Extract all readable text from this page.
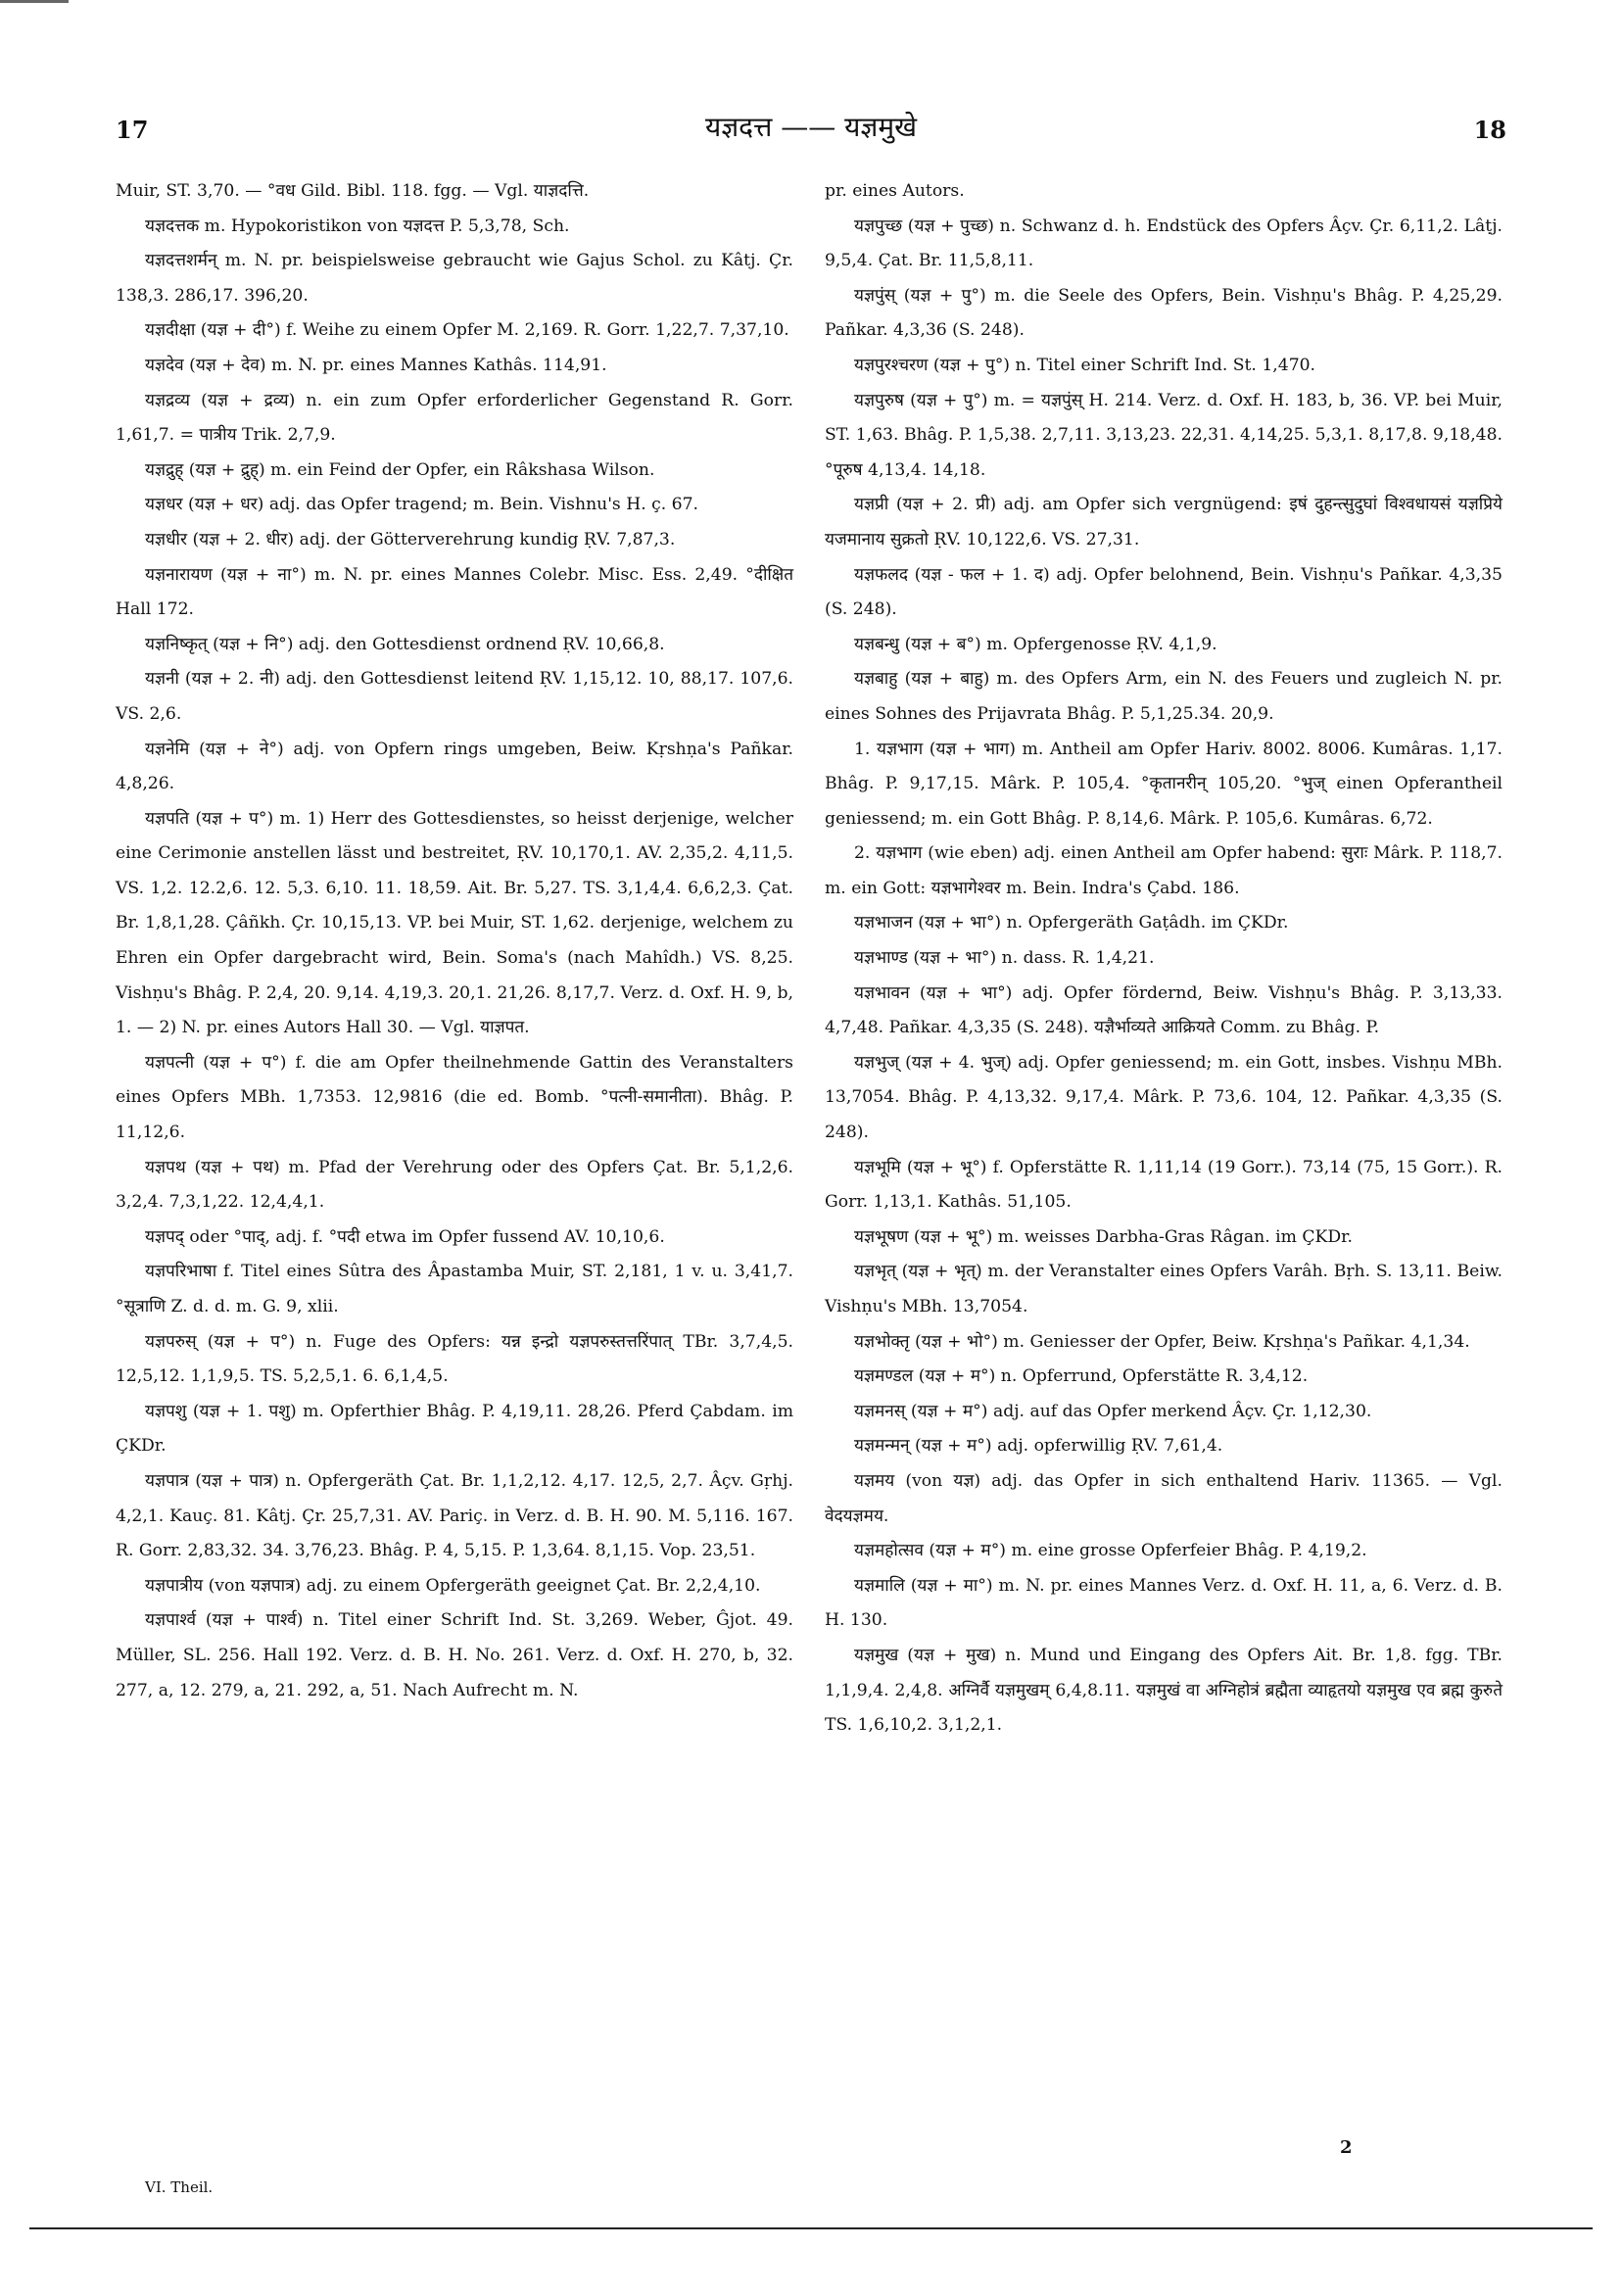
17	यज्ञदत्त —— यज्ञमुखे	18

Muir, ST. 3,70. — °वध Gild. Bibl. 118. fgg. — Vgl. याज्ञदत्ति.

यज्ञदत्तक m. Hypokoristikon von यज्ञदत्त P. 5,3,78, Sch.

यज्ञदत्तशर्मन् m. N. pr. beispielsweise gebraucht wie Gajus Schol. zu Kâtj. Çr. 138,3. 286,17. 396,20.

यज्ञदीक्षा (यज्ञ + दी°) f. Weihe zu einem Opfer M. 2,169. R. Gorr. 1,22,7. 7,37,10.

यज्ञदेव (यज्ञ + देव) m. N. pr. eines Mannes Kathâs. 114,91.

यज्ञद्रव्य (यज्ञ + द्रव्य) n. ein zum Opfer erforderlicher Gegenstand R. Gorr. 1,61,7. = पात्रीय Trik. 2,7,9.

यज्ञद्रुह् (यज्ञ + द्रुह्) m. ein Feind der Opfer, ein Râkshasa Wilson.

यज्ञधर (यज्ञ + धर) adj. das Opfer tragend; m. Bein. Vishnu's H. ç. 67.

यज्ञधीर (यज्ञ + 2. धीर) adj. der Götterverehrung kundig ṚV. 7,87,3.

यज्ञनारायण (यज्ञ + ना°) m. N. pr. eines Mannes Colebr. Misc. Ess. 2,49. °दीक्षित Hall 172.

यज्ञनिष्कृत् (यज्ञ + नि°) adj. den Gottesdienst ordnend ṚV. 10,66,8.

यज्ञनी (यज्ञ + 2. नी) adj. den Gottesdienst leitend ṚV. 1,15,12. 10, 88,17. 107,6. VS. 2,6.

यज्ञनेमि (यज्ञ + ने°) adj. von Opfern rings umgeben, Beiw. Kṛshṇa's Pañkar. 4,8,26.

यज्ञपति (यज्ञ + प°) m. 1) Herr des Gottesdienstes, so heisst derjenige, welcher eine Cerimonie anstellen lässt und bestreitet, ṚV. 10,170,1. AV. 2,35,2. 4,11,5. VS. 1,2. 12.2,6. 12. 5,3. 6,10. 11. 18,59. Ait. Br. 5,27. TS. 3,1,4,4. 6,6,2,3. Çat. Br. 1,8,1,28. Çâñkh. Çr. 10,15,13. VP. bei Muir, ST. 1,62. derjenige, welchem zu Ehren ein Opfer dargebracht wird, Bein. Soma's (nach Mahîdh.) VS. 8,25. Vishṇu's Bhâg. P. 2,4, 20. 9,14. 4,19,3. 20,1. 21,26. 8,17,7. Verz. d. Oxf. H. 9, b, 1. — 2) N. pr. eines Autors Hall 30. — Vgl. याज्ञपत.

यज्ञपत्नी (यज्ञ + प°) f. die am Opfer theilnehmende Gattin des Veranstalters eines Opfers MBh. 1,7353. 12,9816 (die ed. Bomb. °पत्नी-समानीता). Bhâg. P. 11,12,6.

यज्ञपथ (यज्ञ + पथ) m. Pfad der Verehrung oder des Opfers Çat. Br. 5,1,2,6. 3,2,4. 7,3,1,22. 12,4,4,1.

यज्ञपद् oder °पाद्, adj. f. °पदी etwa im Opfer fussend AV. 10,10,6.

यज्ञपरिभाषा f. Titel eines Sûtra des Âpastamba Muir, ST. 2,181, 1 v. u. 3,41,7. °सूत्राणि Z. d. d. m. G. 9, xlii.

यज्ञपरुस् (यज्ञ + प°) n. Fuge des Opfers: यन्न इन्द्रो यज्ञपरुस्तत्तरिंपात् TBr. 3,7,4,5. 12,5,12. 1,1,9,5. TS. 5,2,5,1. 6. 6,1,4,5.

यज्ञपशु (यज्ञ + 1. पशु) m. Opferthier Bhâg. P. 4,19,11. 28,26. Pferd Çabdam. im ÇKDr.

यज्ञपात्र (यज्ञ + पात्र) n. Opfergeräth Çat. Br. 1,1,2,12. 4,17. 12,5, 2,7. Âçv. Gṛhj. 4,2,1. Kauç. 81. Kâtj. Çr. 25,7,31. AV. Pariç. in Verz. d. B. H. 90. M. 5,116. 167. R. Gorr. 2,83,32. 34. 3,76,23. Bhâg. P. 4, 5,15. P. 1,3,64. 8,1,15. Vop. 23,51.

यज्ञपात्रीय (von यज्ञपात्र) adj. zu einem Opfergeräth geeignet Çat. Br. 2,2,4,10.

यज्ञपार्श्व (यज्ञ + पार्श्व) n. Titel einer Schrift Ind. St. 3,269. Weber, Ĝjot. 49. Müller, SL. 256. Hall 192. Verz. d. B. H. No. 261. Verz. d. Oxf. H. 270, b, 32. 277, a, 12. 279, a, 21. 292, a, 51. Nach Aufrecht m. N.

pr. eines Autors.

यज्ञपुच्छ (यज्ञ + पुच्छ) n. Schwanz d. h. Endstück des Opfers Âçv. Çr. 6,11,2. Lâṭj. 9,5,4. Çat. Br. 11,5,8,11.

यज्ञपुंस् (यज्ञ + पु°) m. die Seele des Opfers, Bein. Vishṇu's Bhâg. P. 4,25,29. Pañkar. 4,3,36 (S. 248).

यज्ञपुरश्चरण (यज्ञ + पु°) n. Titel einer Schrift Ind. St. 1,470.

यज्ञपुरुष (यज्ञ + पु°) m. = यज्ञपुंस् H. 214. Verz. d. Oxf. H. 183, b, 36. VP. bei Muir, ST. 1,63. Bhâg. P. 1,5,38. 2,7,11. 3,13,23. 22,31. 4,14,25. 5,3,1. 8,17,8. 9,18,48. °पूरुष 4,13,4. 14,18.

यज्ञप्री (यज्ञ + 2. प्री) adj. am Opfer sich vergnügend: इषं दुहन्त्सुदुघां विश्वधायसं यज्ञप्रिये यजमानाय सुक्रतो ṚV. 10,122,6. VS. 27,31.

यज्ञफलद (यज्ञ - फल + 1. द) adj. Opfer belohnend, Bein. Vishṇu's Pañkar. 4,3,35 (S. 248).

यज्ञबन्धु (यज्ञ + ब°) m. Opfergenosse ṚV. 4,1,9.

यज्ञबाहु (यज्ञ + बाहु) m. des Opfers Arm, ein N. des Feuers und zugleich N. pr. eines Sohnes des Prijavrata Bhâg. P. 5,1,25.34. 20,9.

1. यज्ञभाग (यज्ञ + भाग) m. Antheil am Opfer Hariv. 8002. 8006. Kumâras. 1,17. Bhâg. P. 9,17,15. Mârk. P. 105,4. °कृतानरीन् 105,20. °भुज् einen Opferantheil geniessend; m. ein Gott Bhâg. P. 8,14,6. Mârk. P. 105,6. Kumâras. 6,72.

2. यज्ञभाग (wie eben) adj. einen Antheil am Opfer habend: सुराः Mârk. P. 118,7. m. ein Gott: यज्ञभागेश्वर m. Bein. Indra's Çabd. 186.

यज्ञभाजन (यज्ञ + भा°) n. Opfergeräth Gaṭâdh. im ÇKDr.

यज्ञभाण्ड (यज्ञ + भा°) n. dass. R. 1,4,21.

यज्ञभावन (यज्ञ + भा°) adj. Opfer fördernd, Beiw. Vishṇu's Bhâg. P. 3,13,33. 4,7,48. Pañkar. 4,3,35 (S. 248). यज्ञैर्भाव्यते आक्रियते Comm. zu Bhâg. P.

यज्ञभुज् (यज्ञ + 4. भुज्) adj. Opfer geniessend; m. ein Gott, insbes. Vishṇu MBh. 13,7054. Bhâg. P. 4,13,32. 9,17,4. Mârk. P. 73,6. 104, 12. Pañkar. 4,3,35 (S. 248).

यज्ञभूमि (यज्ञ + भू°) f. Opferstätte R. 1,11,14 (19 Gorr.). 73,14 (75, 15 Gorr.). R. Gorr. 1,13,1. Kathâs. 51,105.

यज्ञभूषण (यज्ञ + भू°) m. weisses Darbha-Gras Râgan. im ÇKDr.

यज्ञभृत् (यज्ञ + भृत्) m. der Veranstalter eines Opfers Varâh. Bṛh. S. 13,11. Beiw. Vishṇu's MBh. 13,7054.

यज्ञभोक्तृ (यज्ञ + भो°) m. Geniesser der Opfer, Beiw. Kṛshṇa's Pañkar. 4,1,34.

यज्ञमण्डल (यज्ञ + म°) n. Opferrund, Opferstätte R. 3,4,12.

यज्ञमनस् (यज्ञ + म°) adj. auf das Opfer merkend Âçv. Çr. 1,12,30.

यज्ञमन्मन् (यज्ञ + म°) adj. opferwillig ṚV. 7,61,4.

यज्ञमय (von यज्ञ) adj. das Opfer in sich enthaltend Hariv. 11365. — Vgl. वेदयज्ञमय.

यज्ञमहोत्सव (यज्ञ + म°) m. eine grosse Opferfeier Bhâg. P. 4,19,2.

यज्ञमालि (यज्ञ + मा°) m. N. pr. eines Mannes Verz. d. Oxf. H. 11, a, 6. Verz. d. B. H. 130.

यज्ञमुख (यज्ञ + मुख) n. Mund und Eingang des Opfers Ait. Br. 1,8. fgg. TBr. 1,1,9,4. 2,4,8. अग्निर्वै यज्ञमुखम् 6,4,8.11. यज्ञमुखं वा अग्निहोत्रं ब्रह्मैता व्याहृतयो यज्ञमुख एव ब्रह्म कुरुते TS. 1,6,10,2. 3,1,2,1.

VI. Theil.
2
